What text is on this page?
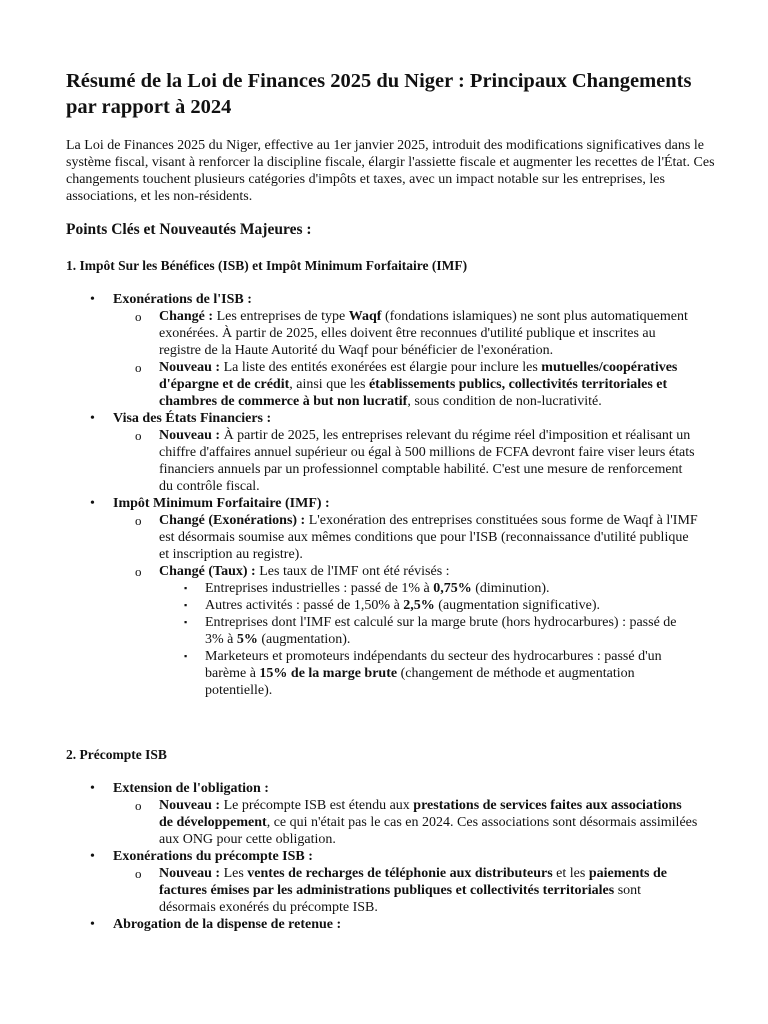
Résumé de la Loi de Finances 2025 du Niger : Principaux Changements par rapport à 2024

La Loi de Finances 2025 du Niger, effective au 1er janvier 2025, introduit des modifications significatives dans le système fiscal, visant à renforcer la discipline fiscale, élargir l'assiette fiscale et augmenter les recettes de l'État. Ces changements touchent plusieurs catégories d'impôts et taxes, avec un impact notable sur les entreprises, les associations, et les non-résidents.

Points Clés et Nouveautés Majeures :
1. Impôt Sur les Bénéfices (ISB) et Impôt Minimum Forfaitaire (IMF)
• Exonérations de l'ISB :
o Changé : Les entreprises de type Waqf (fondations islamiques) ne sont plus automatiquement exonérées. À partir de 2025, elles doivent être reconnues d'utilité publique et inscrites au registre de la Haute Autorité du Waqf pour bénéficier de l'exonération.
o Nouveau : La liste des entités exonérées est élargie pour inclure les mutuelles/coopératives d'épargne et de crédit, ainsi que les établissements publics, collectivités territoriales et chambres de commerce à but non lucratif, sous condition de non-lucrativité.
• Visa des États Financiers :
o Nouveau : À partir de 2025, les entreprises relevant du régime réel d'imposition et réalisant un chiffre d'affaires annuel supérieur ou égal à 500 millions de FCFA devront faire viser leurs états financiers annuels par un professionnel comptable habilité. C'est une mesure de renforcement du contrôle fiscal.
• Impôt Minimum Forfaitaire (IMF) :
o Changé (Exonérations) : L'exonération des entreprises constituées sous forme de Waqf à l'IMF est désormais soumise aux mêmes conditions que pour l'ISB (reconnaissance d'utilité publique et inscription au registre).
o Changé (Taux) : Les taux de l'IMF ont été révisés :
▪ Entreprises industrielles : passé de 1% à 0,75% (diminution).
▪ Autres activités : passé de 1,50% à 2,5% (augmentation significative).
▪ Entreprises dont l'IMF est calculé sur la marge brute (hors hydrocarbures) : passé de 3% à 5% (augmentation).
▪ Marketeurs et promoteurs indépendants du secteur des hydrocarbures : passé d'un barème à 15% de la marge brute (changement de méthode et augmentation potentielle).
2. Précompte ISB
• Extension de l'obligation :
o Nouveau : Le précompte ISB est étendu aux prestations de services faites aux associations de développement, ce qui n'était pas le cas en 2024. Ces associations sont désormais assimilées aux ONG pour cette obligation.
• Exonérations du précompte ISB :
o Nouveau : Les ventes de recharges de téléphonie aux distributeurs et les paiements de factures émises par les administrations publiques et collectivités territoriales sont désormais exonérés du précompte ISB.
• Abrogation de la dispense de retenue :
